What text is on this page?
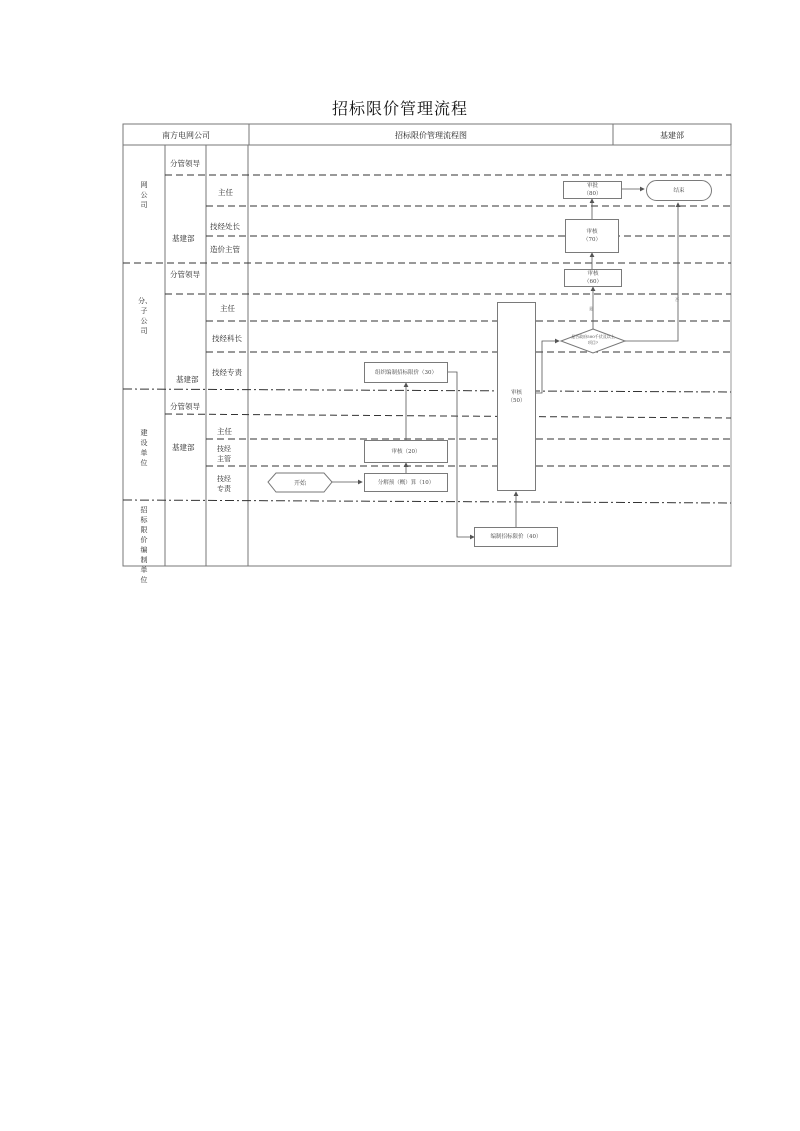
招标限价管理流程
南方电网公司	招标限价管理流程图	基建部
网公司
分、子公司
建设单位
招标限价编制单位
分管领导
基建部
主任
技经处长
造价主管
分管领导
主任
技经科长
技经专责
基建部
分管领导
基建部
主任
技经主管
技经专责
开始	分解预（概）算（10）
审核 （20）
组织编制招标限价（30）
编制招标限价（40）
审核
（50）
是否政府500千伏及以上
项目?
审核
（60）
审核
（70）
审批
（80）
结束
是
否
